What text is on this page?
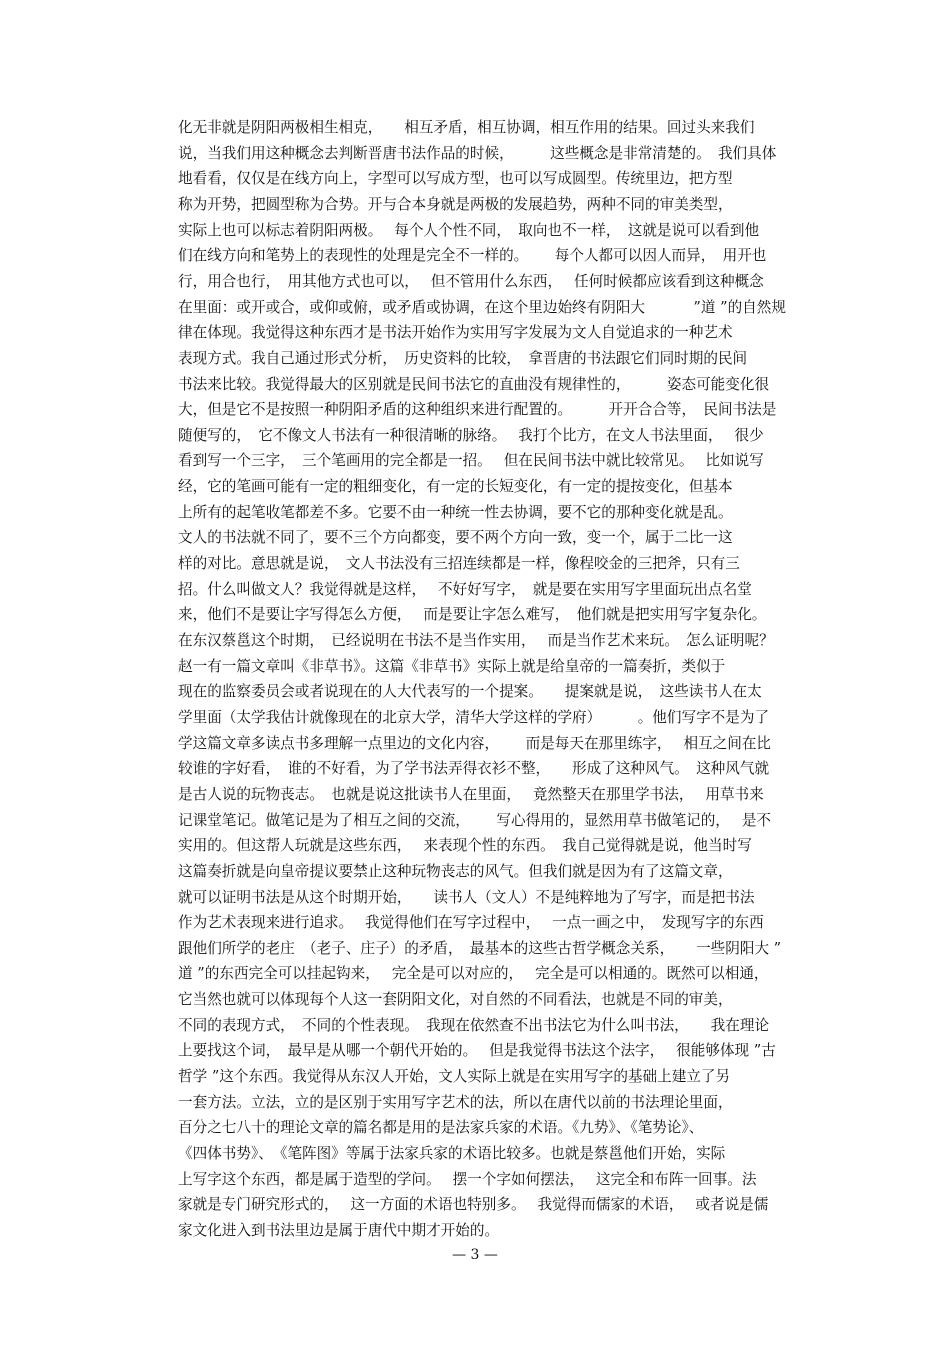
化无非就是阴阳两极相生相克，　　相互矛盾，相互协调，相互作用的结果。回过头来我们
说，当我们用这种概念去判断晋唐书法作品的时候，　　　这些概念是非常清楚的。　我们具体
地看看，仅仅是在线方向上，字型可以写成方型，也可以写成圆型。传统里边，把方型
称为开势，把圆型称为合势。开与合本身就是两极的发展趋势，两种不同的审美类型，
实际上也可以标志着阴阳两极。　 每个人个性不同，　取向也不一样，　这就是说可以看到他
们在线方向和笔势上的表现性的处理是完全不一样的。　　 每个人都可以因人而异，　用开也
行，用合也行，　用其他方式也可以，　 但不管用什么东西，　 任何时候都应该看到这种概念
在里面：或开或合，或仰或俯，或矛盾或协调，在这个里边始终有阴阳大　　　 ”道 ”的自然规
律在体现。我觉得这种东西才是书法开始作为实用写字发展为文人自觉追求的一种艺术
表现方式。我自己通过形式分析，　历史资料的比较，　拿晋唐的书法跟它们同时期的民间
书法来比较。我觉得最大的区别就是民间书法它的直曲没有规律性的，　　　姿态可能变化很
大，但是它不是按照一种阴阳矛盾的这种组织来进行配置的。　　　开开合合等，　民间书法是
随便写的，　它不像文人书法有一种很清晰的脉络。　 我打个比方，在文人书法里面，　 很少
看到写一个三字，　三个笔画用的完全都是一招。　 但在民间书法中就比较常见。　 比如说写
经，它的笔画可能有一定的粗细变化，有一定的长短变化，有一定的提按变化，但基本
上所有的起笔收笔都差不多。它要不由一种统一性去协调，要不它的那种变化就是乱。
文人的书法就不同了，要不三个方向都变，要不两个方向一致，变一个，属于二比一这
样的对比。意思就是说，　文人书法没有三招连续都是一样，像程咬金的三把斧，只有三
招。什么叫做文人？我觉得就是这样，　 不好好写字，　就是要在实用写字里面玩出点名堂
来，他们不是要让字写得怎么方便，　 而是要让字怎么难写，　他们就是把实用写字复杂化。
在东汉蔡邕这个时期，　已经说明在书法不是当作实用，　 而是当作艺术来玩。　怎么证明呢？
赵一有一篇文章叫《非草书》。这篇《非草书》实际上就是给皇帝的一篇奏折，类似于
现在的监察委员会或者说现在的人大代表写的一个提案。　　提案就是说，　这些读书人在太
学里面（太学我估计就像现在的北京大学，清华大学这样的学府）　　　。他们写字不是为了
学这篇文章多读点书多理解一点里边的文化内容，　　 而是每天在那里练字，　 相互之间在比
较谁的字好看，　谁的不好看，为了学书法弄得衣衫不整，　　形成了这种风气。　这种风气就
是古人说的玩物丧志。　也就是说这批读书人在里面，　 竟然整天在那里学书法，　 用草书来
记课堂笔记。做笔记是为了相互之间的交流，　　 写心得用的，显然用草书做笔记的，　 是不
实用的。但这帮人玩就是这些东西，　 来表现个性的东西。　我自己觉得就是说，他当时写
这篇奏折就是向皇帝提议要禁止这种玩物丧志的风气。但我们就是因为有了这篇文章，
就可以证明书法是从这个时期开始，　　读书人（文人）不是纯粹地为了写字，而是把书法
作为艺术表现来进行追求。　 我觉得他们在写字过程中，　 一点一画之中，　发现写字的东西
跟他们所学的老庄　（老子、庄子）的矛盾，　最基本的这些古哲学概念关系，　　一些阴阳大 ”
道 ”的东西完全可以挂起钩来，　 完全是可以对应的，　 完全是可以相通的。既然可以相通，
它当然也就可以体现每个人这一套阴阳文化，对自然的不同看法，也就是不同的审美，
不同的表现方式，　不同的个性表现。　我现在依然查不出书法它为什么叫书法，　　我在理论
上要找这个词，　最早是从哪一个朝代开始的。　 但是我觉得书法这个法字，　 很能够体现 ”古
哲学 ”这个东西。我觉得从东汉人开始，文人实际上就是在实用写字的基础上建立了另
一套方法。立法，立的是区别于实用写字艺术的法，所以在唐代以前的书法理论里面，
百分之七八十的理论文章的篇名都是用的是法家兵家的术语。《九势》、《笔势论》、
《四体书势》、　《笔阵图》等属于法家兵家的术语比较多。也就是蔡邕他们开始，实际
上写字这个东西，都是属于造型的学问。　 摆一个字如何摆法，　 这完全和布阵一回事。法
家就是专门研究形式的，　 这一方面的术语也特别多。　 我觉得而儒家的术语，　 或者说是儒
家文化进入到书法里边是属于唐代中期才开始的。
— 3 —
